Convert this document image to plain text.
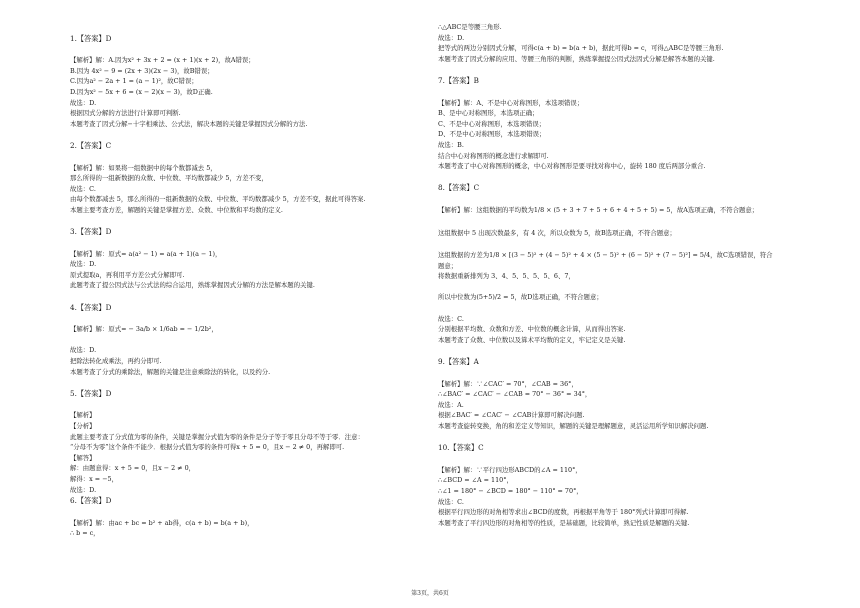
1.【答案】D
【解析】解：A.因为x² + 3x + 2 = (x + 1)(x + 2)，故A错误；
B.因为 4x² − 9 = (2x + 3)(2x − 3)，故B错误；
C.因为a² − 2a + 1 = (a − 1)²，故C错误；
D.因为x² − 5x + 6 = (x − 2)(x − 3)，故D正确.
故选：D.
根据因式分解的方法进行计算即可判断.
本题考查了因式分解−十字相乘法、公式法，解决本题的关键是掌握因式分解的方法.
2.【答案】C
【解析】解：如果将一组数据中的每个数都减去 5，
那么所得的一组新数据的众数、中位数、平均数都减少 5，方差不变，
故选：C.
由每个数都减去 5，那么所得的一组新数据的众数、中位数、平均数都减少 5，方差不变，据此可得答案.
本题主要考查方差，解题的关键是掌握方差、众数、中位数和平均数的定义.
3.【答案】D
【解析】解：原式= a(a² − 1) = a(a + 1)(a − 1)，
故选：D.
原式提取a，再利用平方差公式分解即可.
此题考查了提公因式法与公式法的综合运用，熟练掌握因式分解的方法是解本题的关键.
4.【答案】D
【解析】解：原式= − 3a/b × 1/6ab = − 1/2b²，
故选：D.
把除法转化成乘法，再约分即可.
本题考查了分式的乘除法，解题的关键是注意乘除法的转化，以及约分.
5.【答案】D
【解析】
【分析】
此题主要考查了分式值为零的条件，关键是掌握分式值为零的条件是分子等于零且分母不等于零．注意：
“分母不为零”这个条件不能少．根据分式值为零的条件可得x + 5 = 0，且x − 2 ≠ 0，再解即可.
【解答】
解：由题意得：x + 5 = 0，且x − 2 ≠ 0，
解得：x = −5，
故选：D.
6.【答案】D
【解析】解：由ac + bc = b² + ab得，c(a + b) = b(a + b)，
∴ b = c，
∴△ABC是等腰三角形.
故选：D.
把等式的两边分别因式分解，可得c(a + b) = b(a + b)，据此可得b = c，可得△ABC是等腰三角形.
本题考查了因式分解的应用、等腰三角形的判断，熟练掌握提公因式法因式分解是解答本题的关键.
7.【答案】B
【解析】解：A、不是中心对称图形，本选项错误；
B、是中心对称图形，本选项正确；
C、不是中心对称图形，本选项错误；
D、不是中心对称图形，本选项错误；
故选：B.
结合中心对称图形的概念进行求解即可.
本题考查了中心对称图形的概念，中心对称图形是要寻找对称中心，旋转 180 度后两部分重合.
8.【答案】C
【解析】解：这组数据的平均数为1/8 × (5 + 3 + 7 + 5 + 6 + 4 + 5 + 5) = 5，故A选项正确，不符合题意；
这组数据中 5 出现次数最多，有 4 次，所以众数为 5，故B选项正确，不符合题意；
这组数据的方差为1/8 × [(3 − 5)² + (4 − 5)² + 4 × (5 − 5)² + (6 − 5)² + (7 − 5)²] = 5/4，故C选项错误，符合
题意；
将数据重新排列为 3、4、5、5、5、5、6、7，
所以中位数为(5+5)/2 = 5，故D选项正确，不符合题意；
故选：C.
分别根据平均数、众数和方差、中位数的概念计算，从而得出答案.
本题考查了众数、中位数以及算术平均数的定义，牢记定义是关键.
9.【答案】A
【解析】解：∵∠CAC′ = 70°，∠CAB = 36°，
∴∠BAC′ = ∠CAC′ − ∠CAB = 70° − 36° = 34°，
故选：A.
根据∠BAC′ = ∠CAC′ − ∠CAB计算即可解决问题.
本题考查旋转变换，角的和差定义等知识，解题的关键是理解题意，灵活运用所学知识解决问题.
10.【答案】C
【解析】解：∵平行四边形ABCD的∠A = 110°，
∴∠BCD = ∠A = 110°，
∴∠1 = 180° − ∠BCD = 180° − 110° = 70°，
故选：C.
根据平行四边形的对角相等求出∠BCD的度数，再根据平角等于 180°列式计算即可得解.
本题考查了平行四边形的对角相等的性质，是基础题，比较简单，熟记性质是解题的关键.
第3页，共6页
